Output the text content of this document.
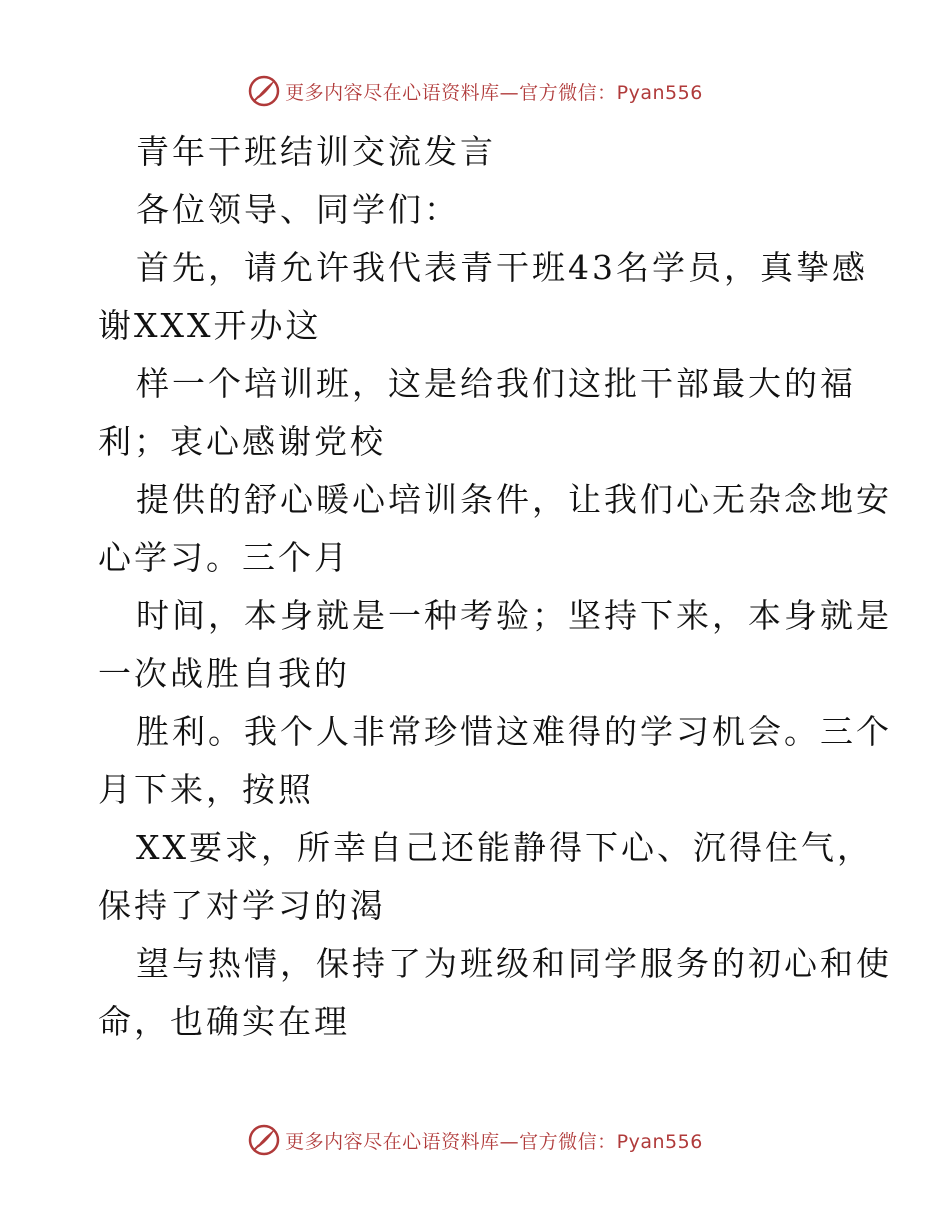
更多内容尽在心语资料库—官方微信：Pyan556
青年干班结训交流发言
各位领导、同学们：
首先，请允许我代表青干班43名学员，真挚感
谢XXX开办这
样一个培训班，这是给我们这批干部最大的福
利；衷心感谢党校
提供的舒心暖心培训条件，让我们心无杂念地安
心学习。三个月
时间，本身就是一种考验；坚持下来，本身就是
一次战胜自我的
胜利。我个人非常珍惜这难得的学习机会。三个
月下来，按照
XX要求，所幸自己还能静得下心、沉得住气，
保持了对学习的渴
望与热情，保持了为班级和同学服务的初心和使
命，也确实在理
更多内容尽在心语资料库—官方微信：Pyan556
